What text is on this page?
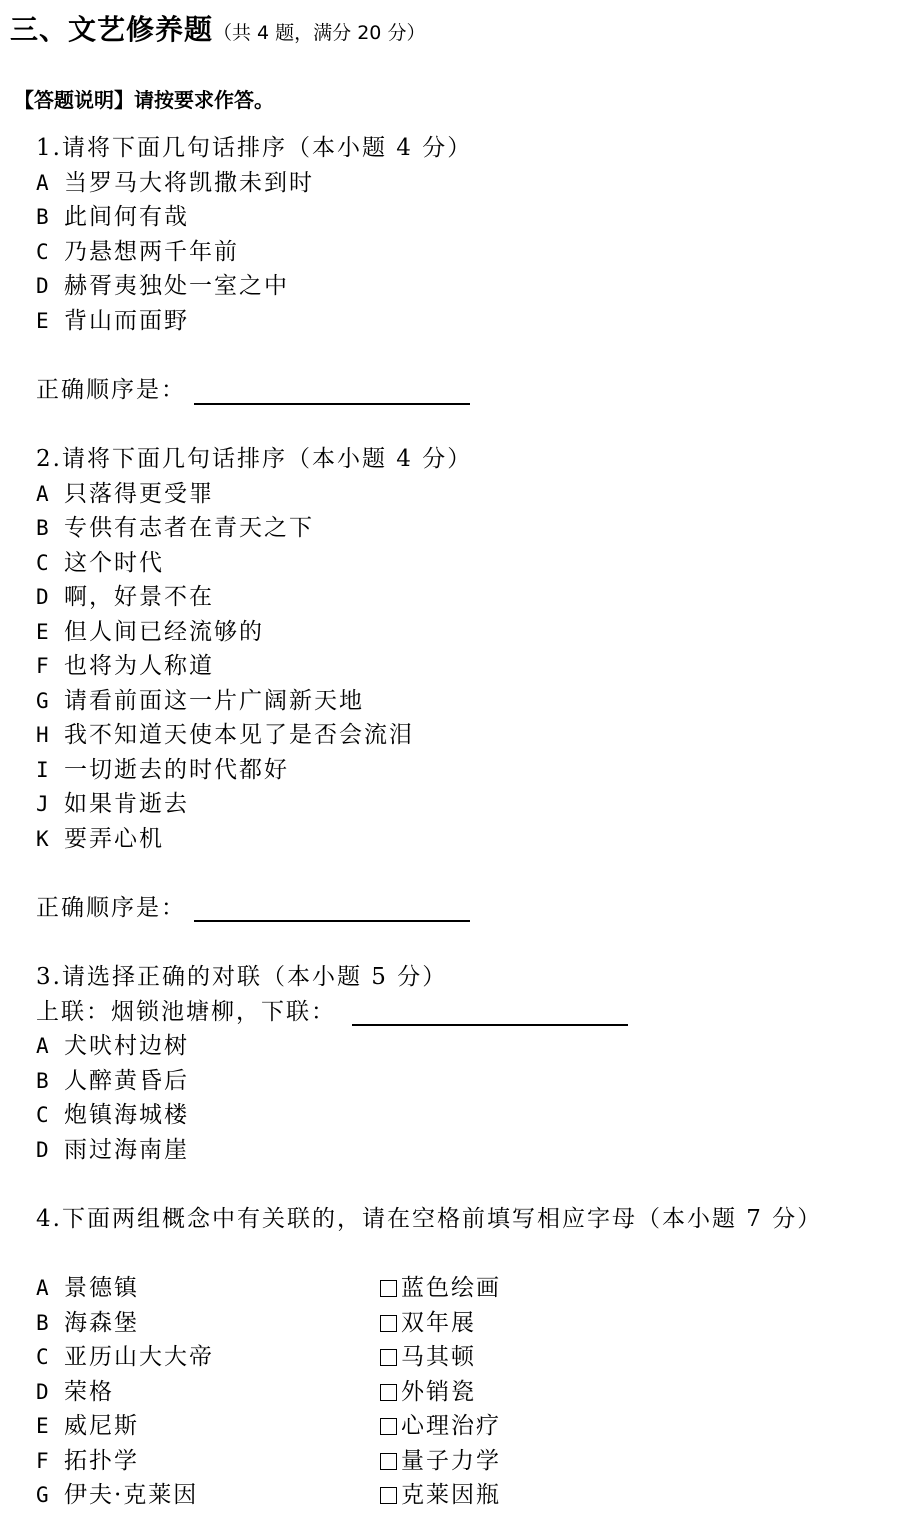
三、文艺修养题（共 4 题，满分 20 分）
【答题说明】请按要求作答。
1.请将下面几句话排序（本小题 4 分）
A 当罗马大将凯撒未到时
B 此间何有哉
C 乃悬想两千年前
D 赫胥夷独处一室之中
E 背山而面野
正确顺序是：
2.请将下面几句话排序（本小题 4 分）
A 只落得更受罪
B 专供有志者在青天之下
C 这个时代
D 啊，好景不在
E 但人间已经流够的
F 也将为人称道
G 请看前面这一片广阔新天地
H 我不知道天使本见了是否会流泪
I 一切逝去的时代都好
J 如果肯逝去
K 要弄心机
正确顺序是：
3.请选择正确的对联（本小题 5 分）
上联：烟锁池塘柳，下联：
A 犬吠村边树
B 人醉黄昏后
C 炮镇海城楼
D 雨过海南崖
4.下面两组概念中有关联的，请在空格前填写相应字母（本小题 7 分）
A 景德镇
B 海森堡
C 亚历山大大帝
D 荣格
E 威尼斯
F 拓扑学
G 伊夫·克莱因
蓝色绘画
双年展
马其顿
外销瓷
心理治疗
量子力学
克莱因瓶
